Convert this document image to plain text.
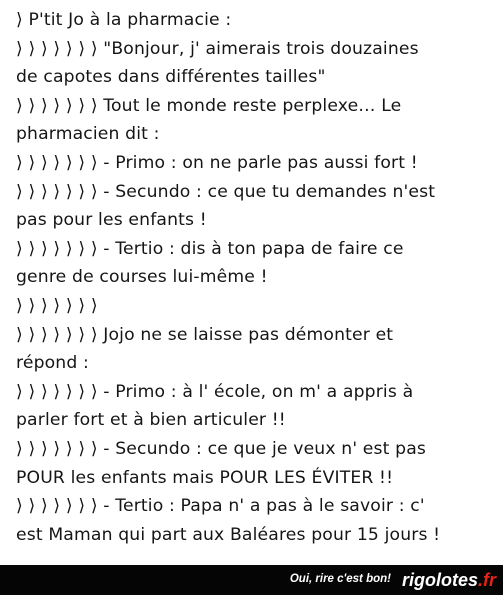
⟩ P'tit Jo à la pharmacie :
⟩ ⟩ ⟩ ⟩ ⟩ ⟩ ⟩ "Bonjour, j' aimerais trois douzaines
de capotes dans différentes tailles"
⟩ ⟩ ⟩ ⟩ ⟩ ⟩ ⟩ Tout le monde reste perplexe… Le
pharmacien dit :
⟩ ⟩ ⟩ ⟩ ⟩ ⟩ ⟩ - Primo : on ne parle pas aussi fort !
⟩ ⟩ ⟩ ⟩ ⟩ ⟩ ⟩ - Secundo : ce que tu demandes n'est
pas pour les enfants !
⟩ ⟩ ⟩ ⟩ ⟩ ⟩ ⟩ - Tertio : dis à ton papa de faire ce
genre de courses lui-même !
⟩ ⟩ ⟩ ⟩ ⟩ ⟩ ⟩
⟩ ⟩ ⟩ ⟩ ⟩ ⟩ ⟩ Jojo ne se laisse pas démonter et
répond :
⟩ ⟩ ⟩ ⟩ ⟩ ⟩ ⟩ - Primo : à l' école, on m' a appris à
parler fort et à bien articuler !!
⟩ ⟩ ⟩ ⟩ ⟩ ⟩ ⟩ - Secundo : ce que je veux n' est pas
POUR les enfants mais POUR LES ÉVITER !!
⟩ ⟩ ⟩ ⟩ ⟩ ⟩ ⟩ - Tertio : Papa n' a pas à le savoir : c'
est Maman qui part aux Baléares pour 15 jours !
Oui, rire c'est bon! rigolotes.fr
